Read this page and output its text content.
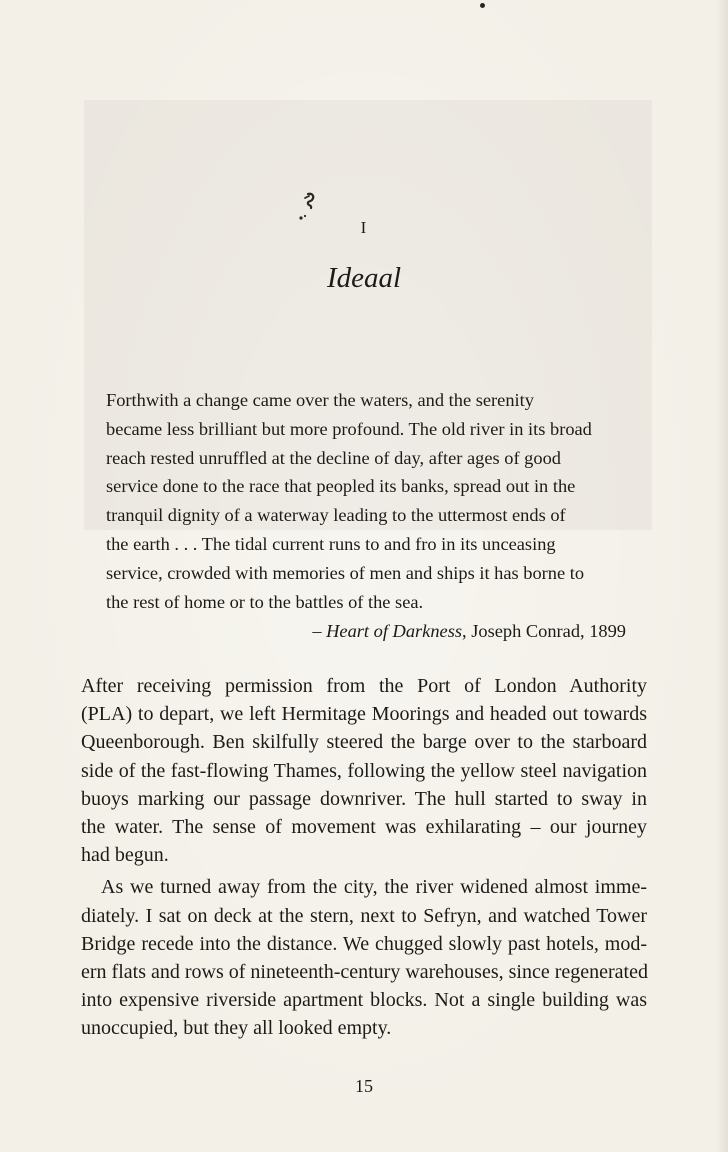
I
Ideaal
Forthwith a change came over the waters, and the serenity
became less brilliant but more profound. The old river in its broad
reach rested unruffled at the decline of day, after ages of good
service done to the race that peopled its banks, spread out in the
tranquil dignity of a waterway leading to the uttermost ends of
the earth . . . The tidal current runs to and fro in its unceasing
service, crowded with memories of men and ships it has borne to
the rest of home or to the battles of the sea.
– Heart of Darkness, Joseph Conrad, 1899
After receiving permission from the Port of London Authority
(PLA) to depart, we left Hermitage Moorings and headed out towards
Queenborough. Ben skilfully steered the barge over to the starboard
side of the fast-flowing Thames, following the yellow steel navigation
buoys marking our passage downriver. The hull started to sway in
the water. The sense of movement was exhilarating – our journey
had begun.
As we turned away from the city, the river widened almost imme-
diately. I sat on deck at the stern, next to Sefryn, and watched Tower
Bridge recede into the distance. We chugged slowly past hotels, mod-
ern flats and rows of nineteenth-century warehouses, since regenerated
into expensive riverside apartment blocks. Not a single building was
unoccupied, but they all looked empty.
15
